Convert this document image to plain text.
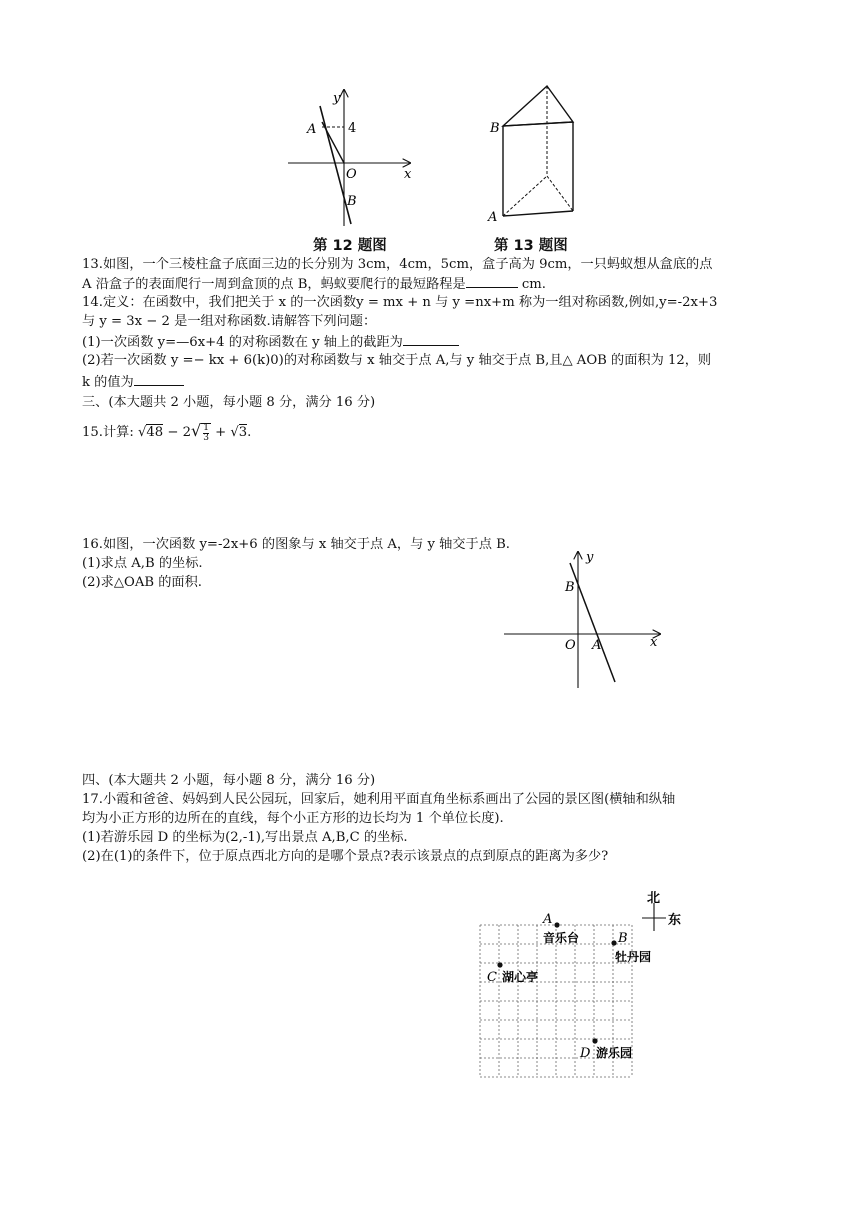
y
A 4
O	x
B
第 12 题图
B
A
第 13 题图
13.如图，一个三棱柱盒子底面三边的长分别为 3cm，4cm，5cm，盒子高为 9cm，一只蚂蚁想从盒底的点
A 沿盒子的表面爬行一周到盒顶的点 B，蚂蚁要爬行的最短路程是	cm.
14.定义：在函数中，我们把关于 x 的一次函数y = mx + n 与 y =nx+m 称为一组对称函数,例如,y=-2x+3
与 y = 3x − 2 是一组对称函数.请解答下列问题：
(1)一次函数 y=—6x+4 的对称函数在 y 轴上的截距为
(2)若一次函数 y =− kx + 6(k)0)的对称函数与 x 轴交于点 A,与 y 轴交于点 B,且△ AOB 的面积为 12，则
k 的值为
三、(本大题共 2 小题，每小题 8 分，满分 16 分)
15.计算: $√48 - 2√ \frac{1}{3} + √3$.
16.如图，一次函数 y=-2x+6 的图象与 x 轴交于点 A，与 y 轴交于点 B.
(1)求点 A,B 的坐标.
(2)求△OAB 的面积.
y
B
O A	x
四、(本大题共 2 小题，每小题 8 分，满分 16 分)
17.小霞和爸爸、妈妈到人民公园玩，回家后，她利用平面直角坐标系画出了公园的景区图(横轴和纵轴
均为小正方形的边所在的直线，每个小正方形的边长均为 1 个单位长度).
(1)若游乐园 D 的坐标为(2,-1),写出景点 A,B,C 的坐标.
(2)在(1)的条件下，位于原点西北方向的是哪个景点?表示该景点的点到原点的距离为多少?
北
东
A
音乐台	B
牡丹园
C 湖心亭
D 游乐园
